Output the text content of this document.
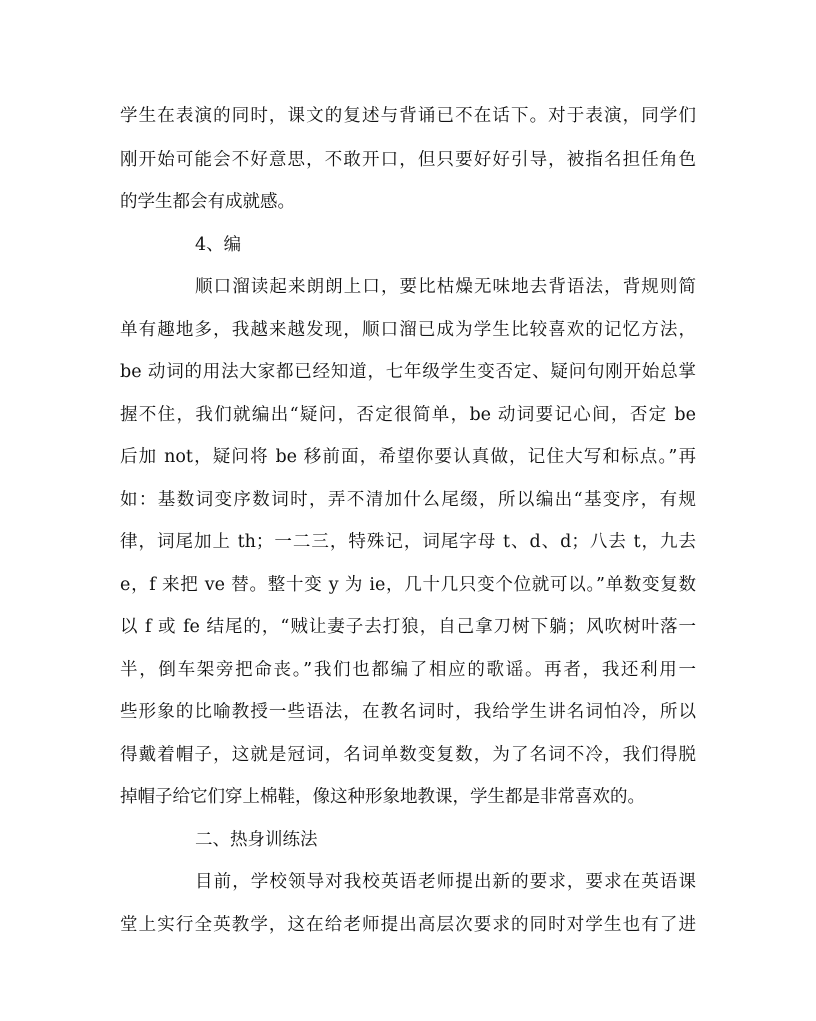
学生在表演的同时，课文的复述与背诵已不在话下。对于表演，同学们
刚开始可能会不好意思，不敢开口，但只要好好引导，被指名担任角色
的学生都会有成就感。
4、编
顺口溜读起来朗朗上口，要比枯燥无味地去背语法，背规则简
单有趣地多，我越来越发现，顺口溜已成为学生比较喜欢的记忆方法，
be 动词的用法大家都已经知道，七年级学生变否定、疑问句刚开始总掌
握不住，我们就编出“疑问，否定很简单，be 动词要记心间，否定 be
后加 not，疑问将 be 移前面，希望你要认真做，记住大写和标点。”再
如：基数词变序数词时，弄不清加什么尾缀，所以编出“基变序，有规
律，词尾加上 th；一二三，特殊记，词尾字母 t、d、d；八去 t，九去
e，f 来把 ve 替。整十变 y 为 ie，几十几只变个位就可以。”单数变复数
以 f 或 fe 结尾的，“贼让妻子去打狼，自己拿刀树下躺；风吹树叶落一
半，倒车架旁把命丧。”我们也都编了相应的歌谣。再者，我还利用一
些形象的比喻教授一些语法，在教名词时，我给学生讲名词怕冷，所以
得戴着帽子，这就是冠词，名词单数变复数，为了名词不冷，我们得脱
掉帽子给它们穿上棉鞋，像这种形象地教课，学生都是非常喜欢的。
二、热身训练法
目前，学校领导对我校英语老师提出新的要求，要求在英语课
堂上实行全英教学，这在给老师提出高层次要求的同时对学生也有了进
